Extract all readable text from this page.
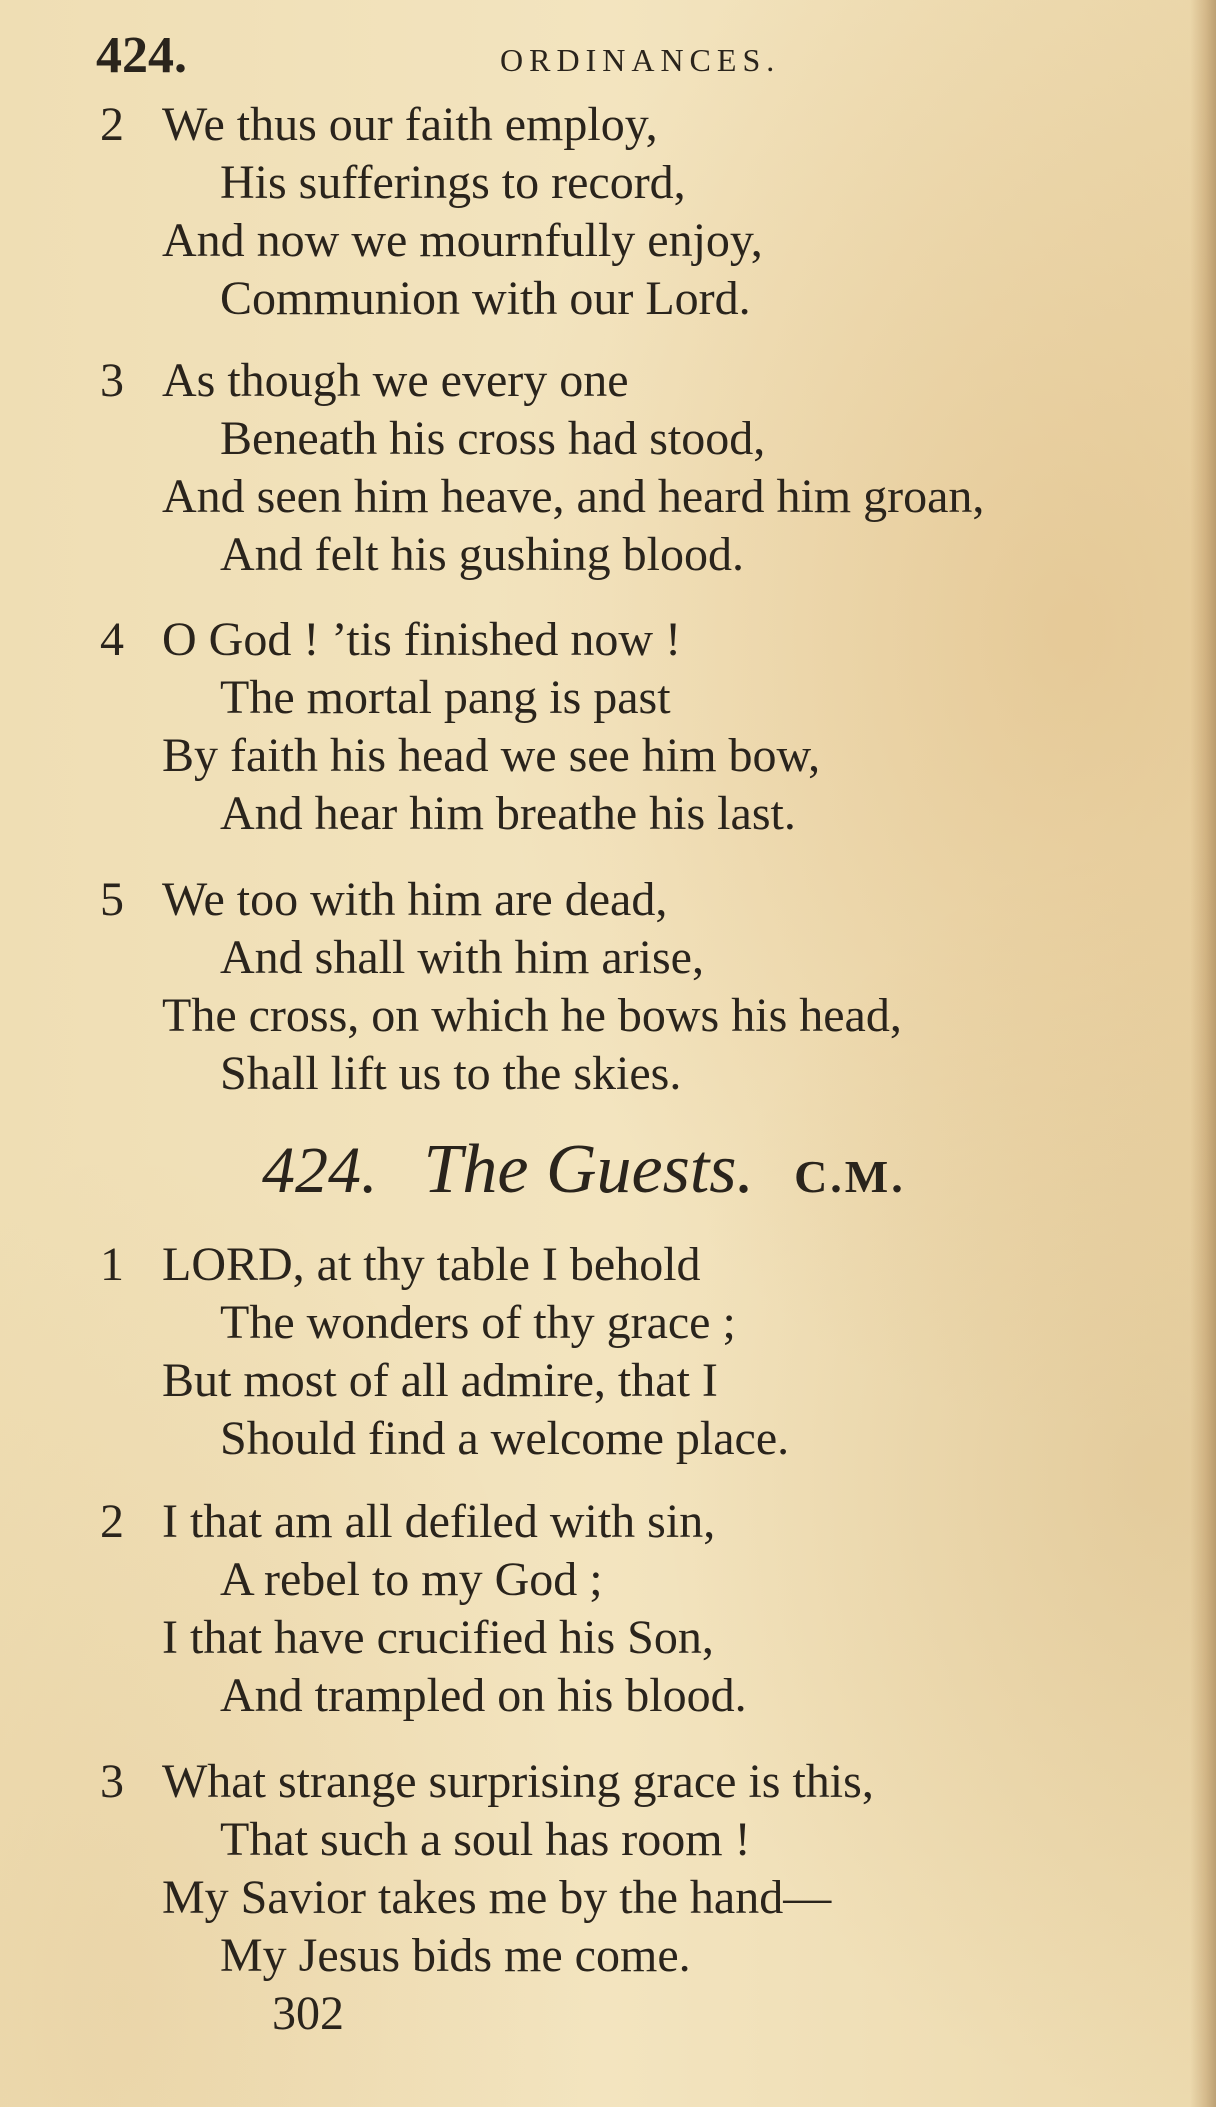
424.	ORDINANCES.
2 We thus our faith employ,
His sufferings to record,
And now we mournfully enjoy,
Communion with our Lord.
3 As though we every one
Beneath his cross had stood,
And seen him heave, and heard him groan,
And felt his gushing blood.
4 O God ! ’tis finished now !
The mortal pang is past
By faith his head we see him bow,
And hear him breathe his last.
5 We too with him are dead,
And shall with him arise,
The cross, on which he bows his head,
Shall lift us to the skies.
424. The Guests. C.M.
1 LORD, at thy table I behold
The wonders of thy grace ;
But most of all admire, that I
Should find a welcome place.
2 I that am all defiled with sin,
A rebel to my God ;
I that have crucified his Son,
And trampled on his blood.
3 What strange surprising grace is this,
That such a soul has room !
My Savior takes me by the hand—
My Jesus bids me come.
302
